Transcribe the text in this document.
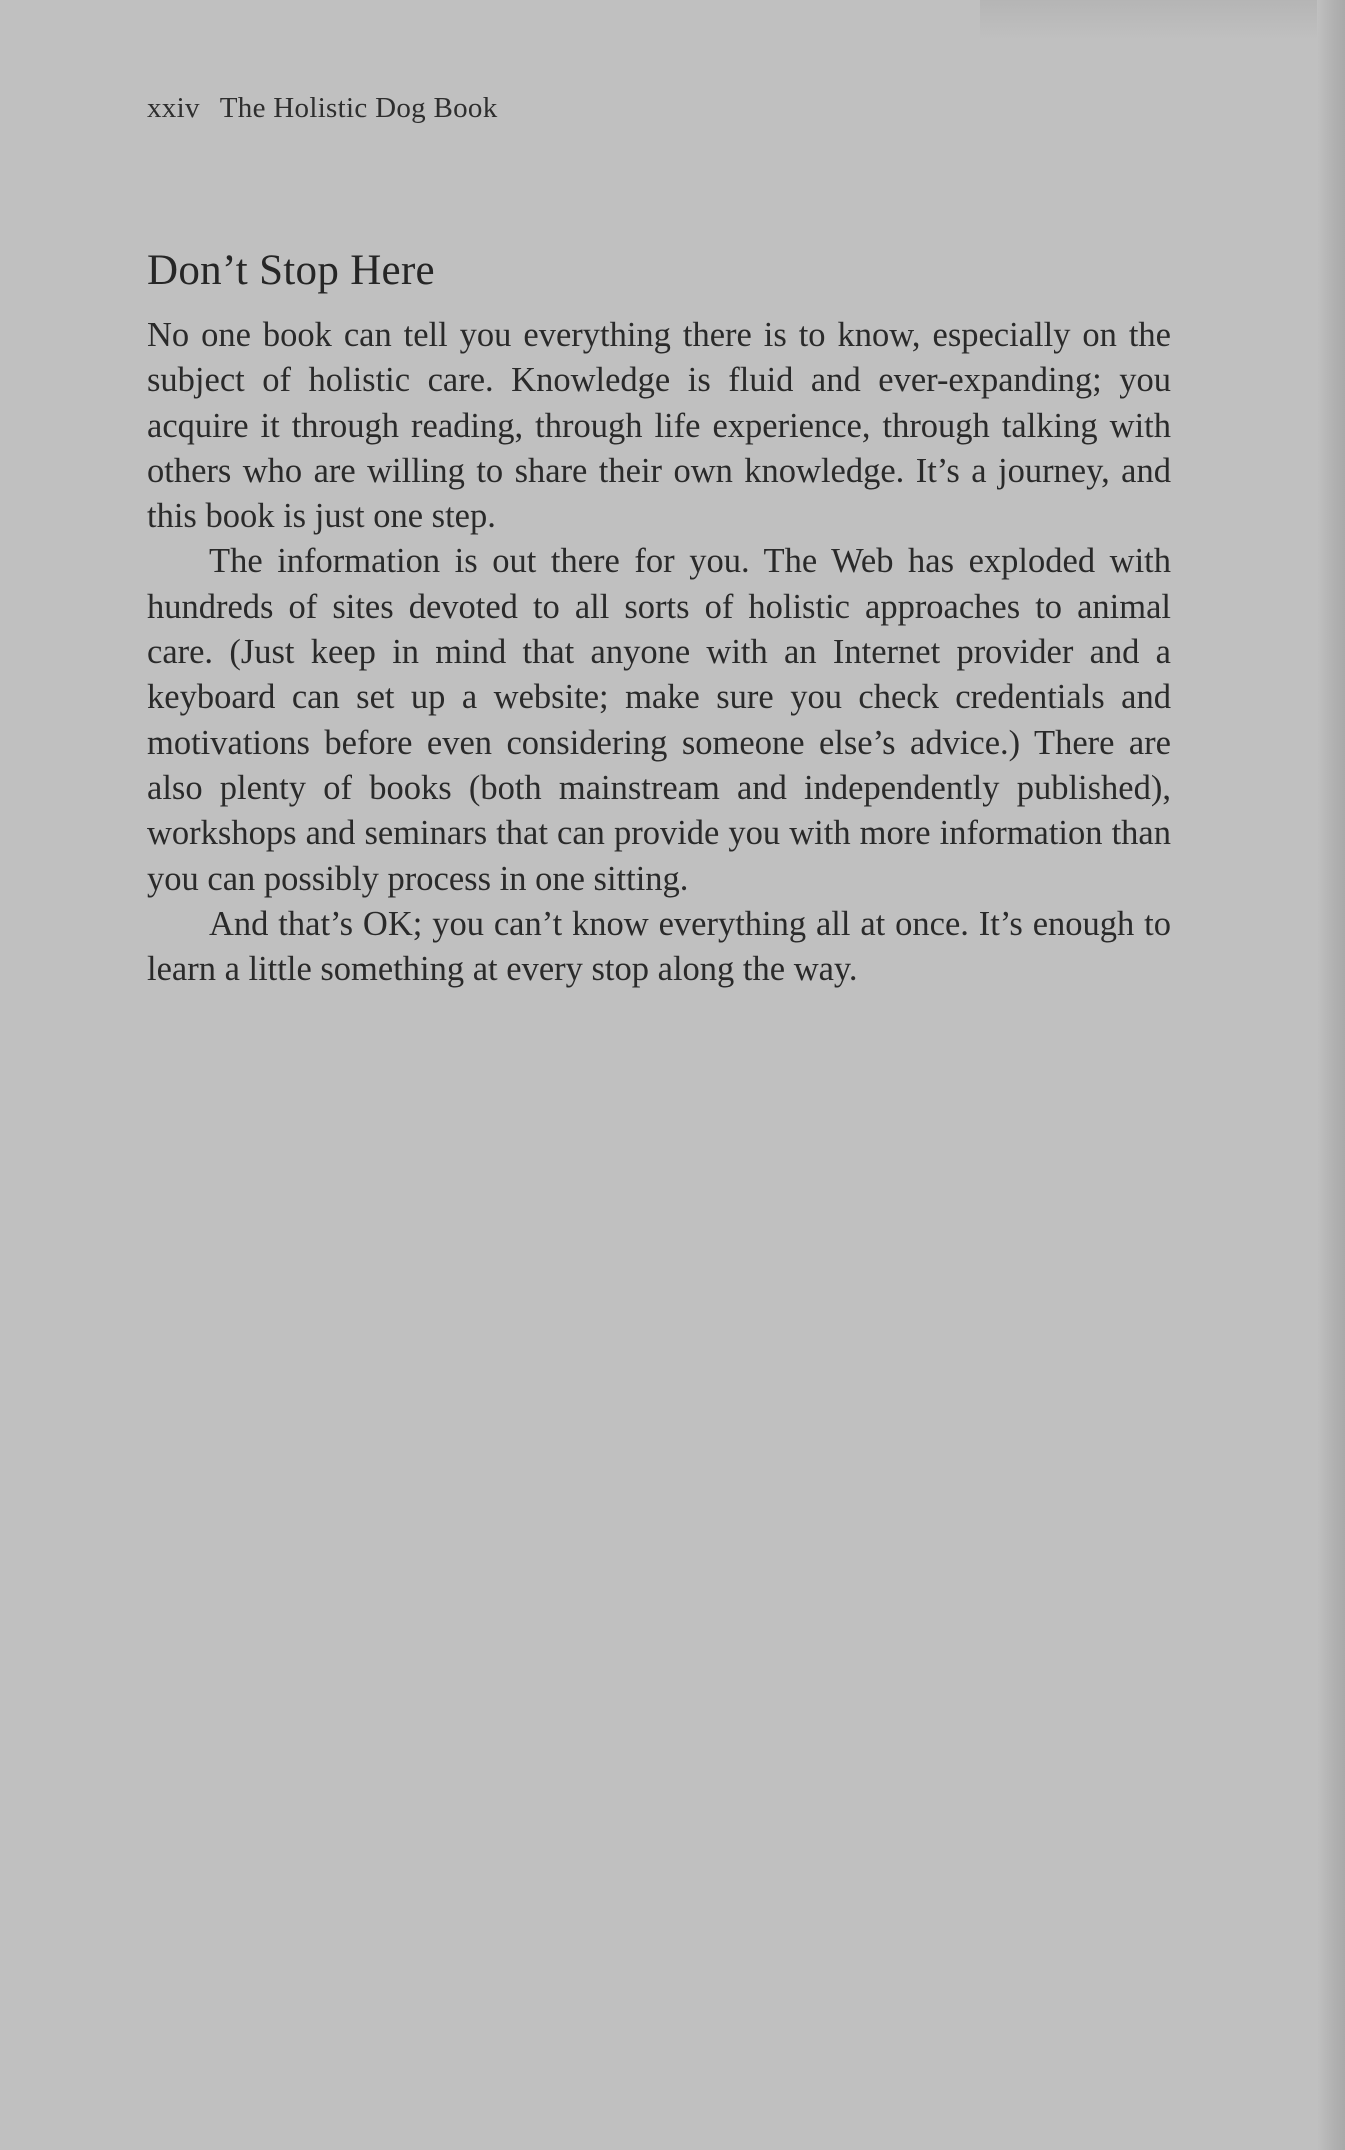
xxiv The Holistic Dog Book
Don’t Stop Here

No one book can tell you everything there is to know, especially on the subject of holistic care. Knowledge is fluid and ever-expanding; you acquire it through reading, through life experience, through talking with others who are willing to share their own knowledge. It’s a journey, and this book is just one step.

The information is out there for you. The Web has exploded with hundreds of sites devoted to all sorts of holistic approaches to animal care. (Just keep in mind that anyone with an Internet provider and a keyboard can set up a website; make sure you check credentials and motivations before even considering someone else’s advice.) There are also plenty of books (both mainstream and independently published), workshops and seminars that can provide you with more information than you can possibly process in one sitting.

And that’s OK; you can’t know everything all at once. It’s enough to learn a little something at every stop along the way.
